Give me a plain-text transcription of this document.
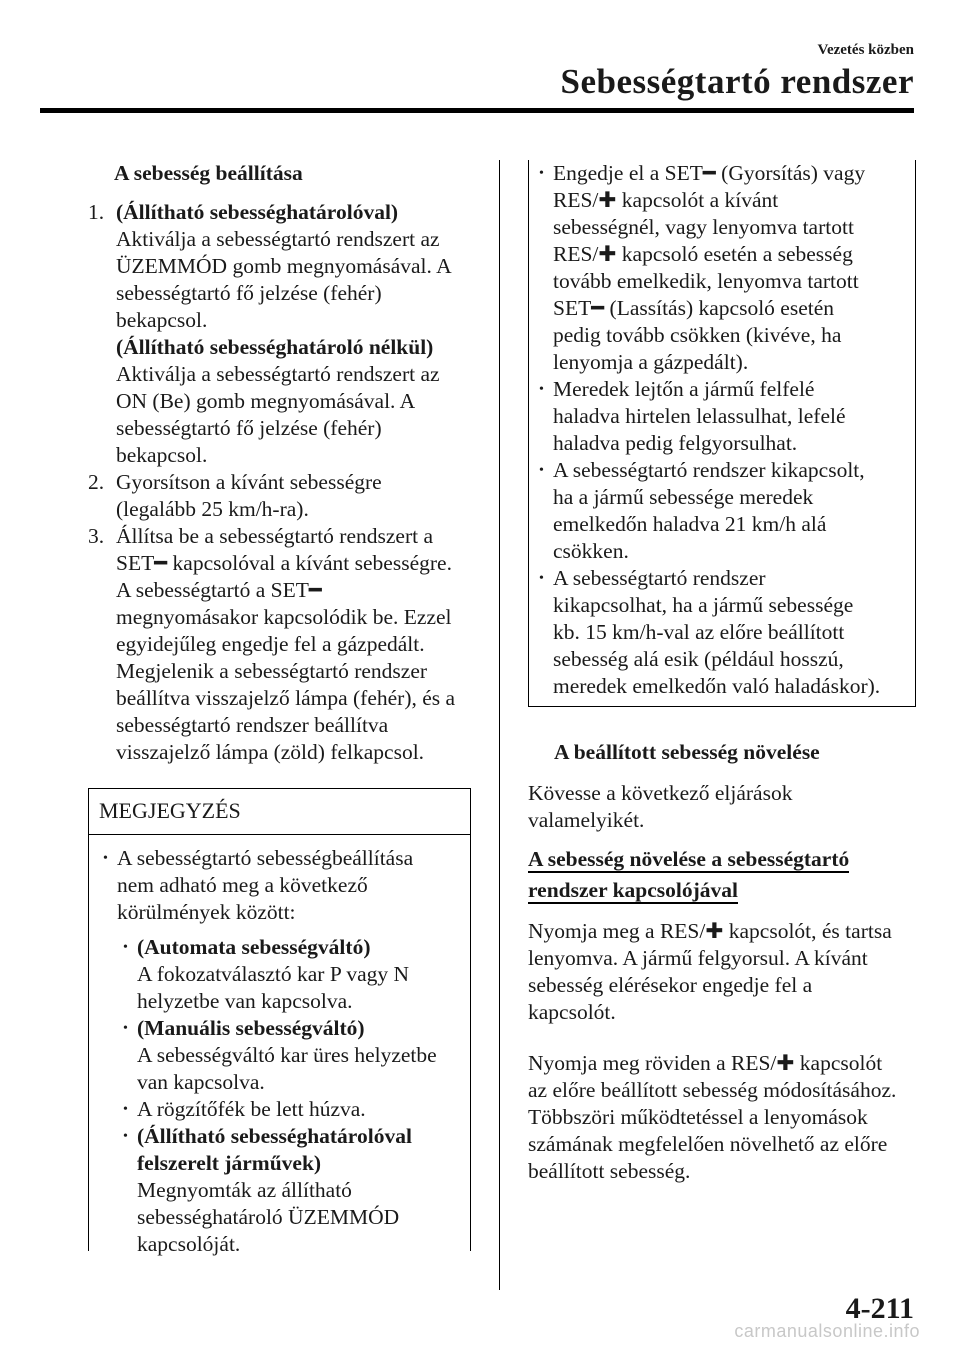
Vezetés közben
Sebességtartó rendszer
A sebesség beállítása
1. (Állítható sebességhatárolóval)
Aktiválja a sebességtartó rendszert az
ÜZEMMÓD gomb megnyomásával. A
sebességtartó fő jelzése (fehér)
bekapcsol.
(Állítható sebességhatároló nélkül)
Aktiválja a sebességtartó rendszert az
ON (Be) gomb megnyomásával. A
sebességtartó fő jelzése (fehér)
bekapcsol.
2. Gyorsítson a kívánt sebességre
(legalább 25 km/h-ra).
3. Állítsa be a sebességtartó rendszert a
SET━ kapcsolóval a kívánt sebességre.
A sebességtartó a SET━
megnyomásakor kapcsolódik be. Ezzel
egyidejűleg engedje fel a gázpedált.
Megjelenik a sebességtartó rendszer
beállítva visszajelző lámpa (fehér), és a
sebességtartó rendszer beállítva
visszajelző lámpa (zöld) felkapcsol.
MEGJEGYZÉS
• A sebességtartó sebességbeállítása
nem adható meg a következő
körülmények között:
• (Automata sebességváltó)
A fokozatválasztó kar P vagy N
helyzetbe van kapcsolva.
• (Manuális sebességváltó)
A sebességváltó kar üres helyzetbe
van kapcsolva.
• A rögzítőfék be lett húzva.
• (Állítható sebességhatárolóval
felszerelt járművek)
Megnyomták az állítható
sebességhatároló ÜZEMMÓD
kapcsolóját.
• Engedje el a SET━ (Gyorsítás) vagy
RES/✚ kapcsolót a kívánt
sebességnél, vagy lenyomva tartott
RES/✚ kapcsoló esetén a sebesség
tovább emelkedik, lenyomva tartott
SET━ (Lassítás) kapcsoló esetén
pedig tovább csökken (kivéve, ha
lenyomja a gázpedált).
• Meredek lejtőn a jármű felfelé
haladva hirtelen lelassulhat, lefelé
haladva pedig felgyorsulhat.
• A sebességtartó rendszer kikapcsolt,
ha a jármű sebessége meredek
emelkedőn haladva 21 km/h alá
csökken.
• A sebességtartó rendszer
kikapcsolhat, ha a jármű sebessége
kb. 15 km/h-val az előre beállított
sebesség alá esik (például hosszú,
meredek emelkedőn való haladáskor).
A beállított sebesség növelése
Kövesse a következő eljárások
valamelyikét.
A sebesség növelése a sebességtartó
rendszer kapcsolójával
Nyomja meg a RES/✚ kapcsolót, és tartsa
lenyomva. A jármű felgyorsul. A kívánt
sebesség elérésekor engedje fel a
kapcsolót.
Nyomja meg röviden a RES/✚ kapcsolót
az előre beállított sebesség módosításához.
Többszöri működtetéssel a lenyomások
számának megfelelően növelhető az előre
beállított sebesség.
4-211
carmanualsonline.info
